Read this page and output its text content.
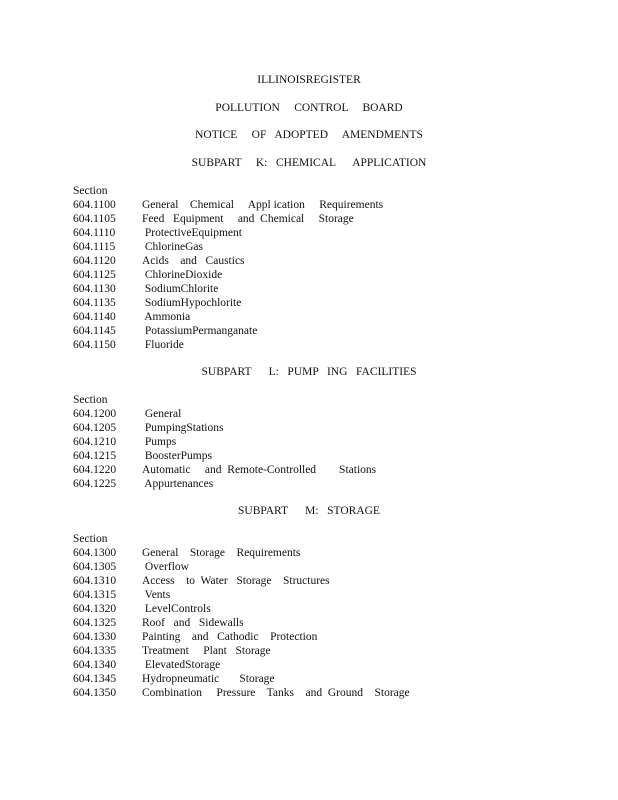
ILLINOISREGISTER
POLLUTION     CONTROL     BOARD
NOTICE     OF   ADOPTED     AMENDMENTS
SUBPART     K:   CHEMICAL      APPLICATION
Section
604.1100	General    Chemical     Appl ication     Requirements
604.1105	Feed   Equipment     and  Chemical     Storage
604.1110	ProtectiveEquipment
604.1115	ChlorineGas
604.1120	Acids    and   Caustics
604.1125	ChlorineDioxide
604.1130	SodiumChlorite
604.1135	SodiumHypochlorite
604.1140	Ammonia
604.1145	PotassiumPermanganate
604.1150	Fluoride
SUBPART      L:   PUMP   ING   FACILITIES
Section
604.1200	General
604.1205	PumpingStations
604.1210	Pumps
604.1215	BoosterPumps
604.1220	Automatic     and  Remote-Controlled        Stations
604.1225	Appurtenances
SUBPART      M:   STORAGE
Section
604.1300	General    Storage    Requirements
604.1305	Overflow
604.1310	Access    to  Water   Storage    Structures
604.1315	Vents
604.1320	LevelControls
604.1325	Roof   and   Sidewalls
604.1330	Painting    and   Cathodic    Protection
604.1335	Treatment     Plant   Storage
604.1340	ElevatedStorage
604.1345	Hydropneumatic       Storage
604.1350	Combination     Pressure    Tanks    and  Ground    Storage
